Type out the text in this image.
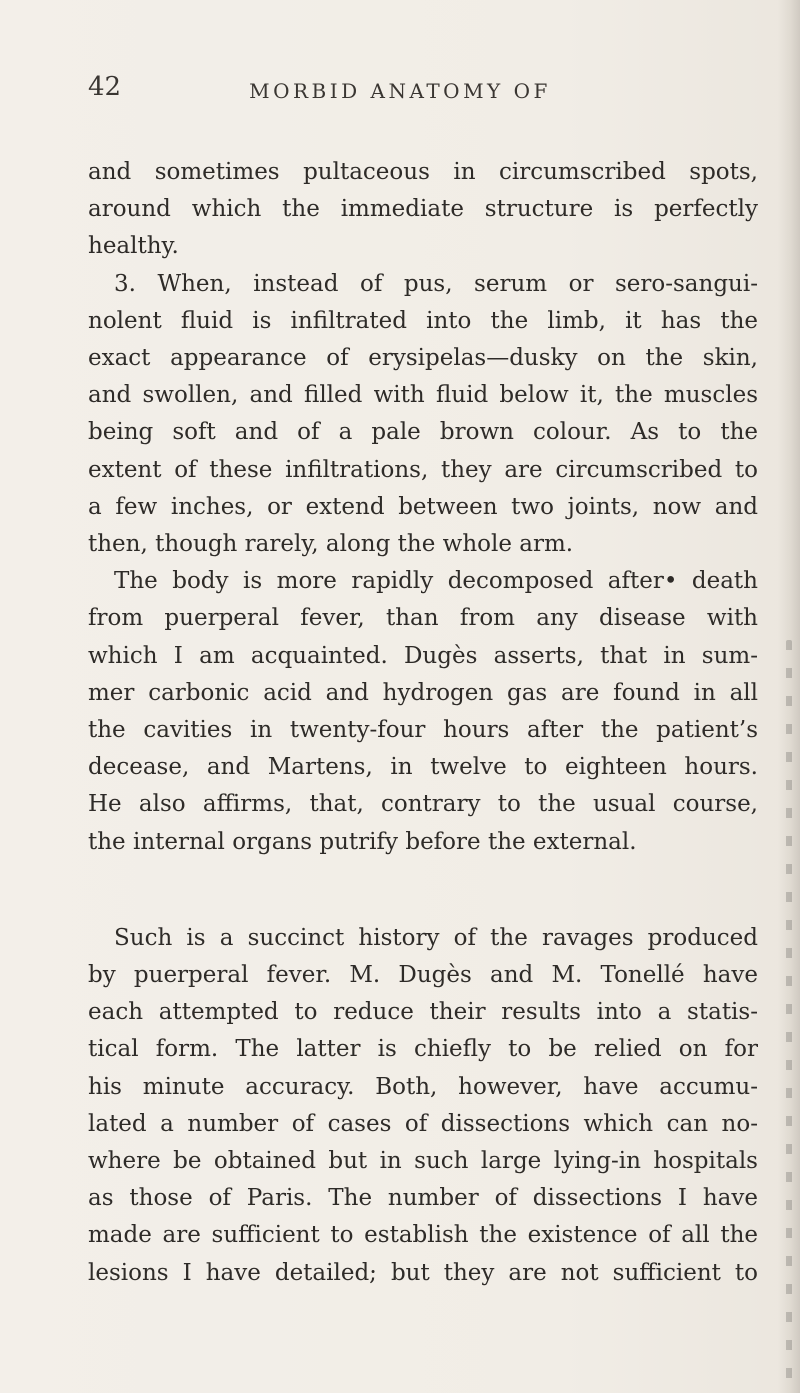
42	MORBID ANATOMY OF
and sometimes pultaceous in circumscribed spots,
around which the immediate structure is perfectly
healthy.
3. When, instead of pus, serum or sero-sangui-
nolent fluid is infiltrated into the limb, it has the
exact appearance of erysipelas—dusky on the skin,
and swollen, and filled with fluid below it, the muscles
being soft and of a pale brown colour. As to the
extent of these infiltrations, they are circumscribed to
a few inches, or extend between two joints, now and
then, though rarely, along the whole arm.
The body is more rapidly decomposed after• death
from puerperal fever, than from any disease with
which I am acquainted. Dugès asserts, that in sum-
mer carbonic acid and hydrogen gas are found in all
the cavities in twenty-four hours after the patient’s
decease, and Martens, in twelve to eighteen hours.
He also affirms, that, contrary to the usual course,
the internal organs putrify before the external.
Such is a succinct history of the ravages produced
by puerperal fever. M. Dugès and M. Tonellé have
each attempted to reduce their results into a statis-
tical form. The latter is chiefly to be relied on for
his minute accuracy. Both, however, have accumu-
lated a number of cases of dissections which can no-
where be obtained but in such large lying-in hospitals
as those of Paris. The number of dissections I have
made are sufficient to establish the existence of all the
lesions I have detailed; but they are not sufficient to
